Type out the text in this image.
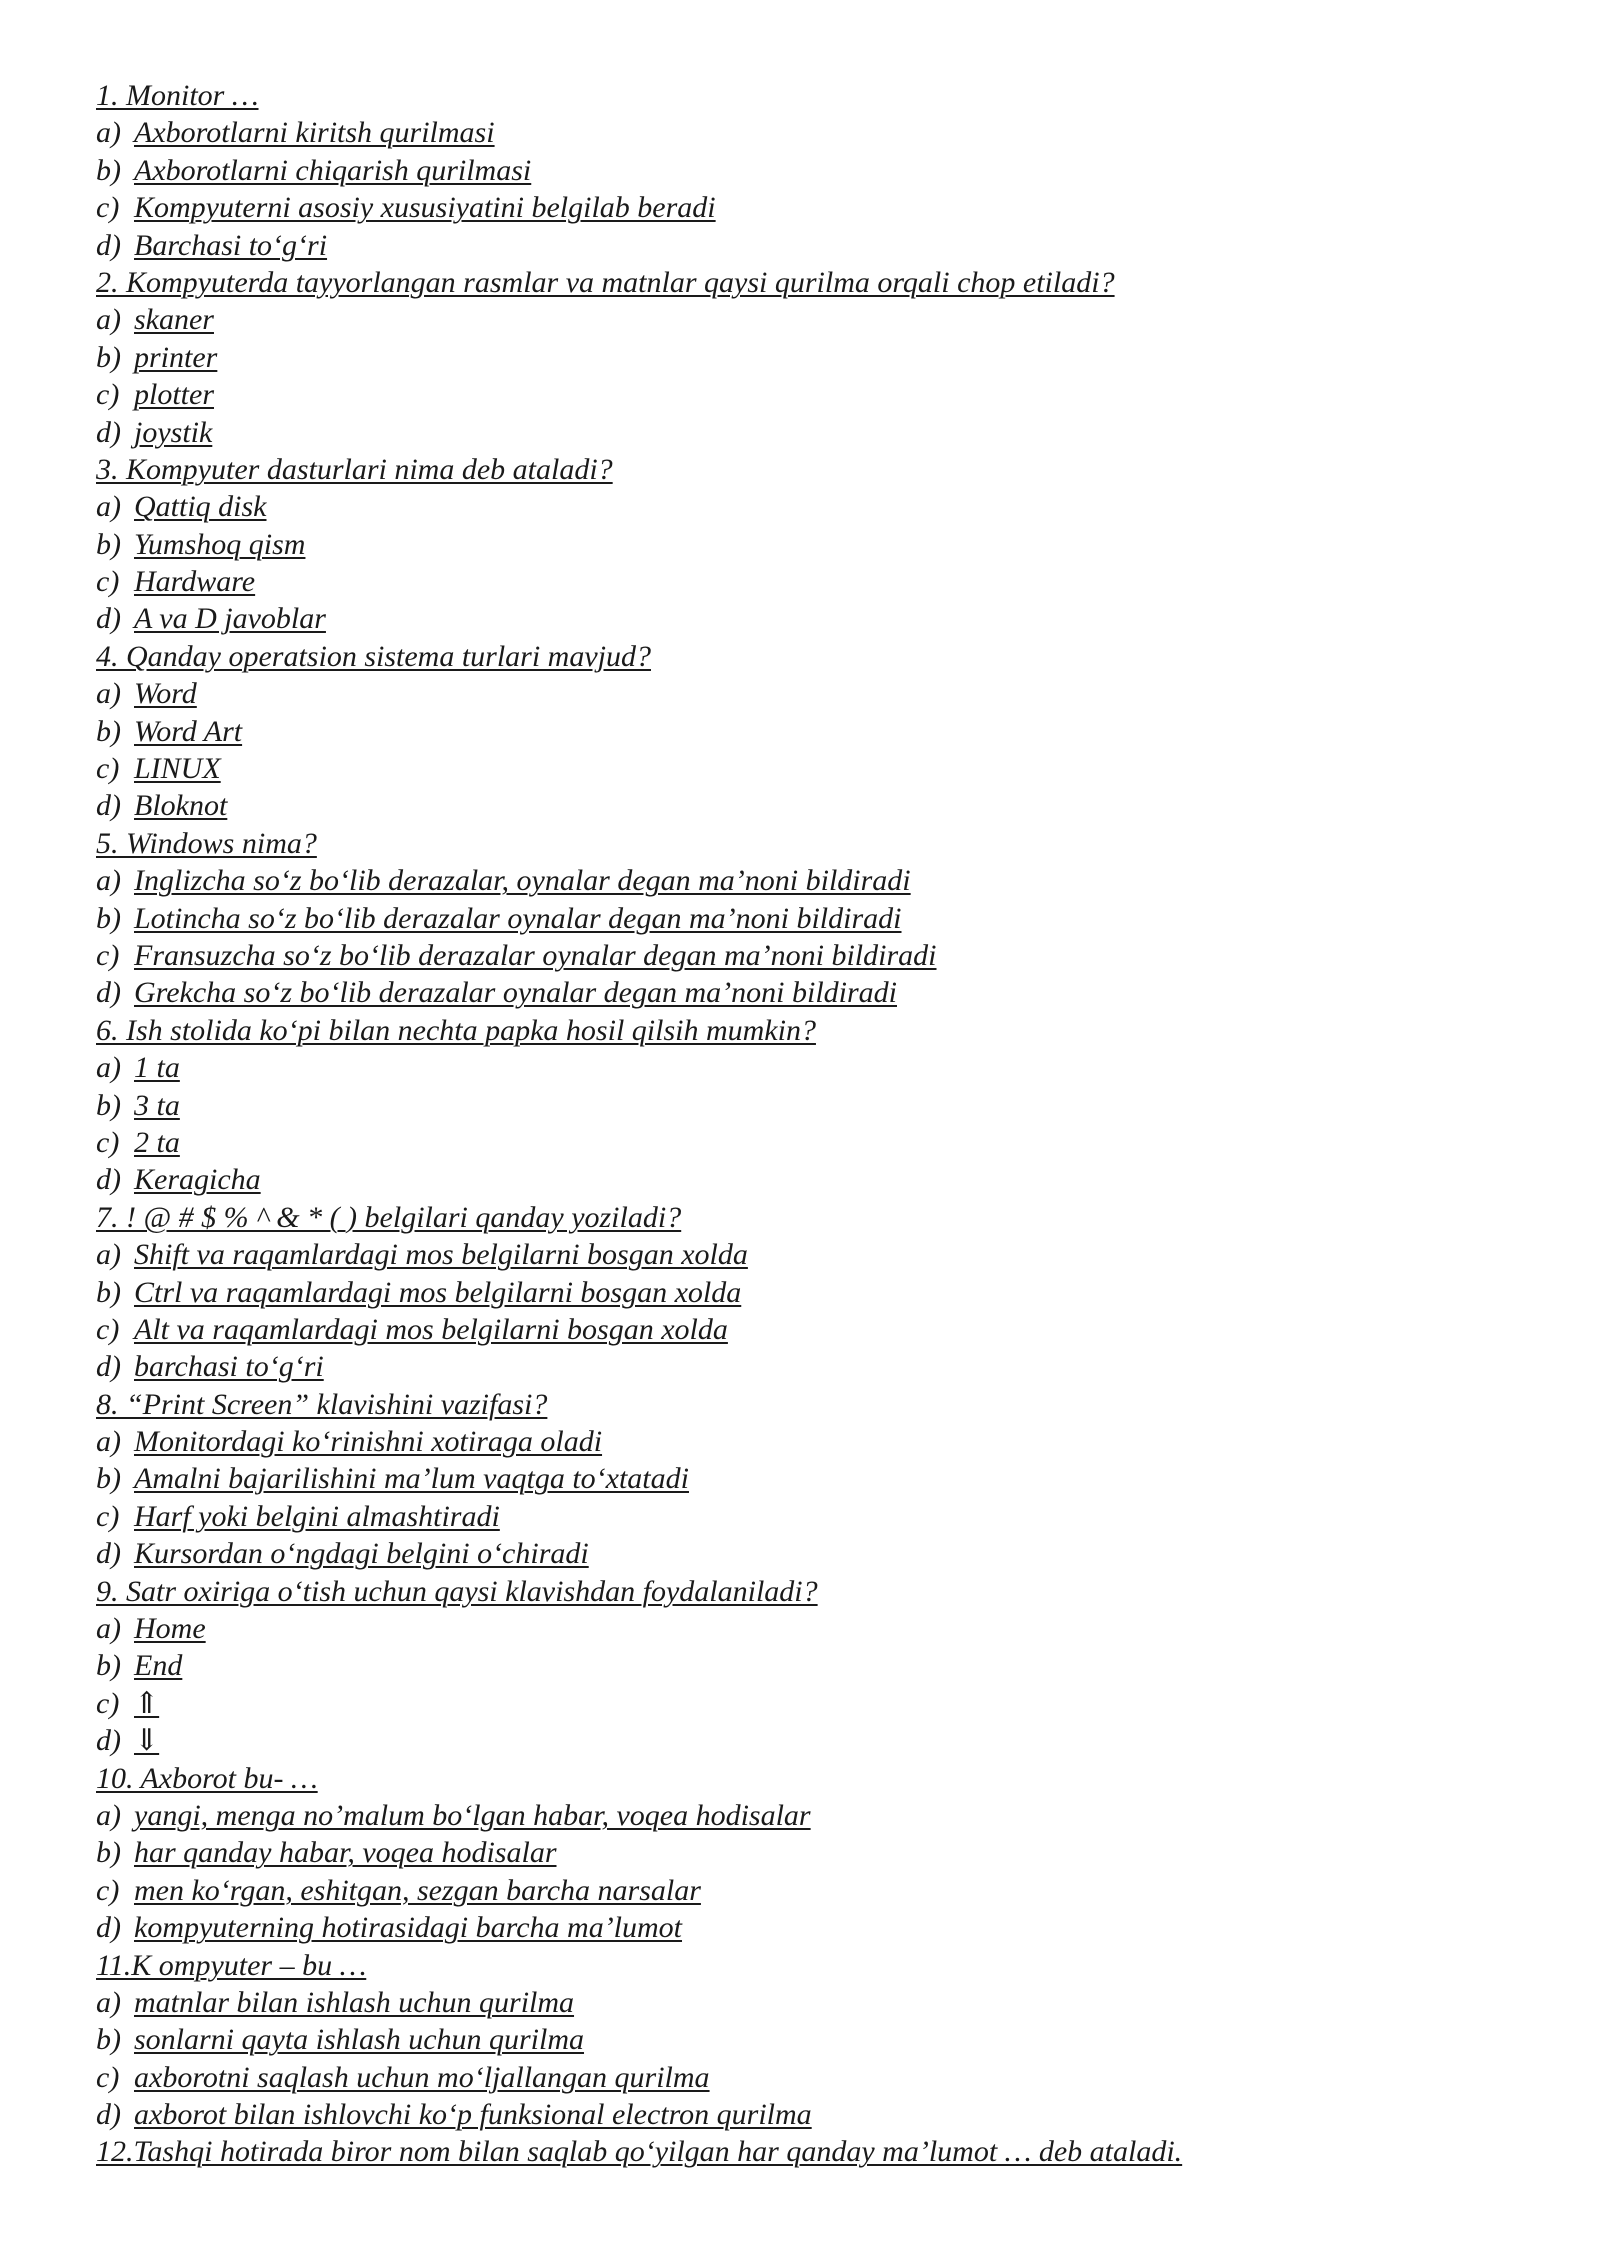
1. Monitor …
a) Axborotlarni kiritsh qurilmasi
b) Axborotlarni chiqarish qurilmasi
c) Kompyuterni asosiy xususiyatini belgilab beradi
d) Barchasi to‘g‘ri
2. Kompyuterda tayyorlangan rasmlar va matnlar qaysi qurilma orqali chop etiladi?
a) skaner
b) printer
c) plotter
d) joystik
3. Kompyuter dasturlari nima deb ataladi?
a) Qattiq disk
b) Yumshoq qism
c) Hardware
d) A va D javoblar
4. Qanday operatsion sistema turlari mavjud?
a) Word
b) Word Art
c) LINUX
d) Bloknot
5. Windows nima?
a) Inglizcha so‘z bo‘lib derazalar, oynalar degan ma’noni bildiradi
b) Lotincha so‘z bo‘lib derazalar oynalar degan ma’noni bildiradi
c) Fransuzcha so‘z bo‘lib derazalar oynalar degan ma’noni bildiradi
d) Grekcha so‘z bo‘lib derazalar oynalar degan ma’noni bildiradi
6. Ish stolida ko‘pi bilan nechta papka hosil qilsih mumkin?
a) 1 ta
b) 3 ta
c) 2 ta
d) Keragicha
7. ! @ # $ % ^ & * ( ) belgilari qanday yoziladi?
a) Shift va raqamlardagi mos belgilarni bosgan xolda
b) Ctrl va raqamlardagi mos belgilarni bosgan xolda
c) Alt va raqamlardagi mos belgilarni bosgan xolda
d) barchasi to‘g‘ri
8. “Print Screen” klavishini vazifasi?
a) Monitordagi ko‘rinishni xotiraga oladi
b) Amalni bajarilishini ma’lum vaqtga to‘xtatadi
c) Harf yoki belgini almashtiradi
d) Kursordan o‘ngdagi belgini o‘chiradi
9. Satr oxiriga o‘tish uchun qaysi klavishdan foydalaniladi?
a) Home
b) End
c) ⇑
d) ⇓
10. Axborot bu- …
a) yangi, menga no’malum bo‘lgan habar, voqea hodisalar
b) har qanday habar, voqea hodisalar
c) men ko‘rgan, eshitgan, sezgan barcha narsalar
d) kompyuterning hotirasidagi barcha ma’lumot
11.K ompyuter – bu …
a) matnlar bilan ishlash uchun qurilma
b) sonlarni qayta ishlash uchun qurilma
c) axborotni saqlash uchun mo‘ljallangan qurilma
d) axborot bilan ishlovchi ko‘p funksional electron qurilma
12.Tashqi hotirada biror nom bilan saqlab qo‘yilgan har qanday ma’lumot … deb ataladi.
